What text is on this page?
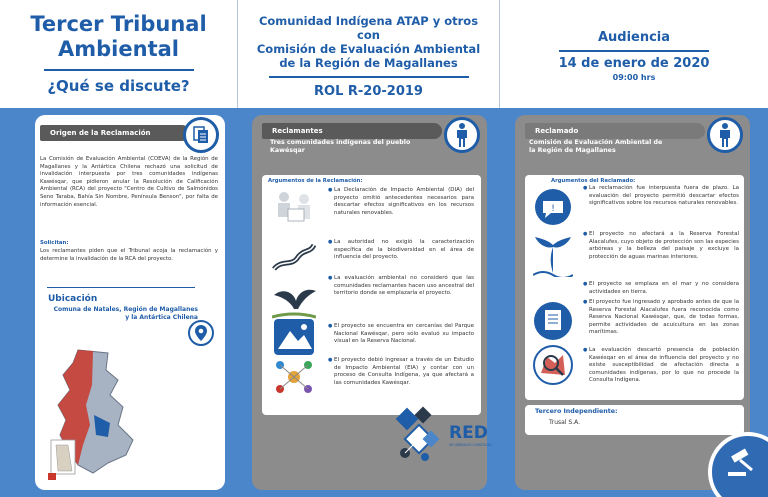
Tercer Tribunal
Ambiental
¿Qué se discute?
Comunidad Indígena ATAP y otros
con
Comisión de Evaluación Ambiental
de la Región de Magallanes
ROL R-20-2019
Audiencia
14 de enero de 2020
09:00 hrs
Origen de la Reclamación
La Comisión de Evaluación Ambiental (COEVA) de la Región de Magallanes y la Antártica Chilena rechazó una solicitud de invalidación interpuesta por tres comunidades indígenas Kawésqar, que pidieron anular la Resolución de Calificación Ambiental (RCA) del proyecto "Centro de Cultivo de Salmónidos Seno Taraba, Bahía Sin Nombre, Península Benson", por falta de información esencial.
Solicitan:
Los reclamantes piden que el Tribunal acoja la reclamación y determine la invalidación de la RCA del proyecto.
Ubicación
Comuna de Natales, Región de Magallanes
y la Antártica Chilena
Reclamantes
Tres comunidades indígenas del pueblo
Kawésqar
Argumentos de la Reclamación:
● La Declaración de Impacto Ambiental (DIA) del proyecto omitió antecedentes necesarios para descartar efectos significativos en los recursos naturales renovables.
● La autoridad no exigió la caracterización específica de la biodiversidad en el área de influencia del proyecto.
● La evaluación ambiental no consideró que las comunidades reclamantes hacen uso ancestral del territorio donde se emplazaría el proyecto.
● El proyecto se encuentra en cercanías del Parque Nacional Kawésqar, pero sólo evaluó su impacto visual en la Reserva Nacional.
● El proyecto debió ingresar a través de un Estudio de Impacto Ambiental (EIA) y contar con un proceso de Consulta Indígena, ya que afectará a las comunidades Kawésqar.
Reclamado
Comisión de Evaluación Ambiental de
la Región de Magallanes
Argumentos del Reclamado:
!
● La reclamación fue interpuesta fuera de plazo. La evaluación del proyecto permitió descartar efectos significativos sobre los recursos naturales renovables.
● El proyecto no afectará a la Reserva Forestal Alacalufes, cuyo objeto de protección son las especies arbóreas y la belleza del paisaje y excluye la protección de aguas marinas interiores.
● El proyecto se emplaza en el mar y no considera actividades en tierra.
● El proyecto fue ingresado y aprobado antes de que la Reserva Forestal Alacalufes fuera reconocida como Reserva Nacional Kawésqar, que, de todas formas, permite actividades de acuicultura en las zonas marítimas.
● La evaluación descartó presencia de población Kawésqar en el área de influencia del proyecto y no existe susceptibilidad de afectación directa a comunidades indígenas, por lo que no procede la Consulta Indígena.
Tercero Independiente:
Trusal S.A.
RED
DE LIBERALES CLIMÁTICAS
